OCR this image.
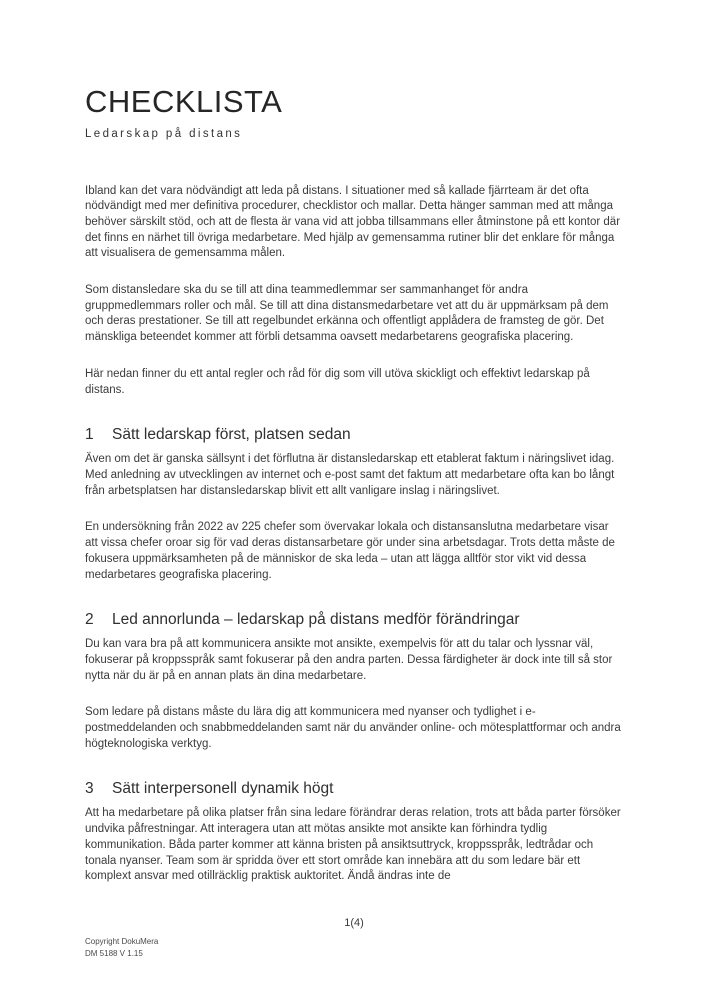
CHECKLISTA
Ledarskap på distans

Ibland kan det vara nödvändigt att leda på distans. I situationer med så kallade fjärrteam är det ofta nödvändigt med mer definitiva procedurer, checklistor och mallar. Detta hänger samman med att många behöver särskilt stöd, och att de flesta är vana vid att jobba tillsammans eller åtminstone på ett kontor där det finns en närhet till övriga medarbetare. Med hjälp av gemensamma rutiner blir det enklare för många att visualisera de gemensamma målen.

Som distansledare ska du se till att dina teammedlemmar ser sammanhanget för andra gruppmedlemmars roller och mål. Se till att dina distansmedarbetare vet att du är uppmärksam på dem och deras prestationer. Se till att regelbundet erkänna och offentligt applådera de framsteg de gör. Det mänskliga beteendet kommer att förbli detsamma oavsett medarbetarens geografiska placering.

Här nedan finner du ett antal regler och råd för dig som vill utöva skickligt och effektivt ledarskap på distans.

1 Sätt ledarskap först, platsen sedan

Även om det är ganska sällsynt i det förflutna är distansledarskap ett etablerat faktum i näringslivet idag. Med anledning av utvecklingen av internet och e-post samt det faktum att medarbetare ofta kan bo långt från arbetsplatsen har distansledarskap blivit ett allt vanligare inslag i näringslivet.

En undersökning från 2022 av 225 chefer som övervakar lokala och distansanslutna medarbetare visar att vissa chefer oroar sig för vad deras distansarbetare gör under sina arbetsdagar. Trots detta måste de fokusera uppmärksamheten på de människor de ska leda – utan att lägga alltför stor vikt vid dessa medarbetares geografiska placering.

2 Led annorlunda – ledarskap på distans medför förändringar

Du kan vara bra på att kommunicera ansikte mot ansikte, exempelvis för att du talar och lyssnar väl, fokuserar på kroppsspråk samt fokuserar på den andra parten. Dessa färdigheter är dock inte till så stor nytta när du är på en annan plats än dina medarbetare.

Som ledare på distans måste du lära dig att kommunicera med nyanser och tydlighet i e-postmeddelanden och snabbmeddelanden samt när du använder online- och mötesplattformar och andra högteknologiska verktyg.

3 Sätt interpersonell dynamik högt

Att ha medarbetare på olika platser från sina ledare förändrar deras relation, trots att båda parter försöker undvika påfrestningar. Att interagera utan att mötas ansikte mot ansikte kan förhindra tydlig kommunikation. Båda parter kommer att känna bristen på ansiktsuttryck, kroppsspråk, ledtrådar och tonala nyanser. Team som är spridda över ett stort område kan innebära att du som ledare bär ett komplext ansvar med otillräcklig praktisk auktoritet. Ändå ändras inte de

1(4)
Copyright DokuMera
DM 5188 V 1.15
